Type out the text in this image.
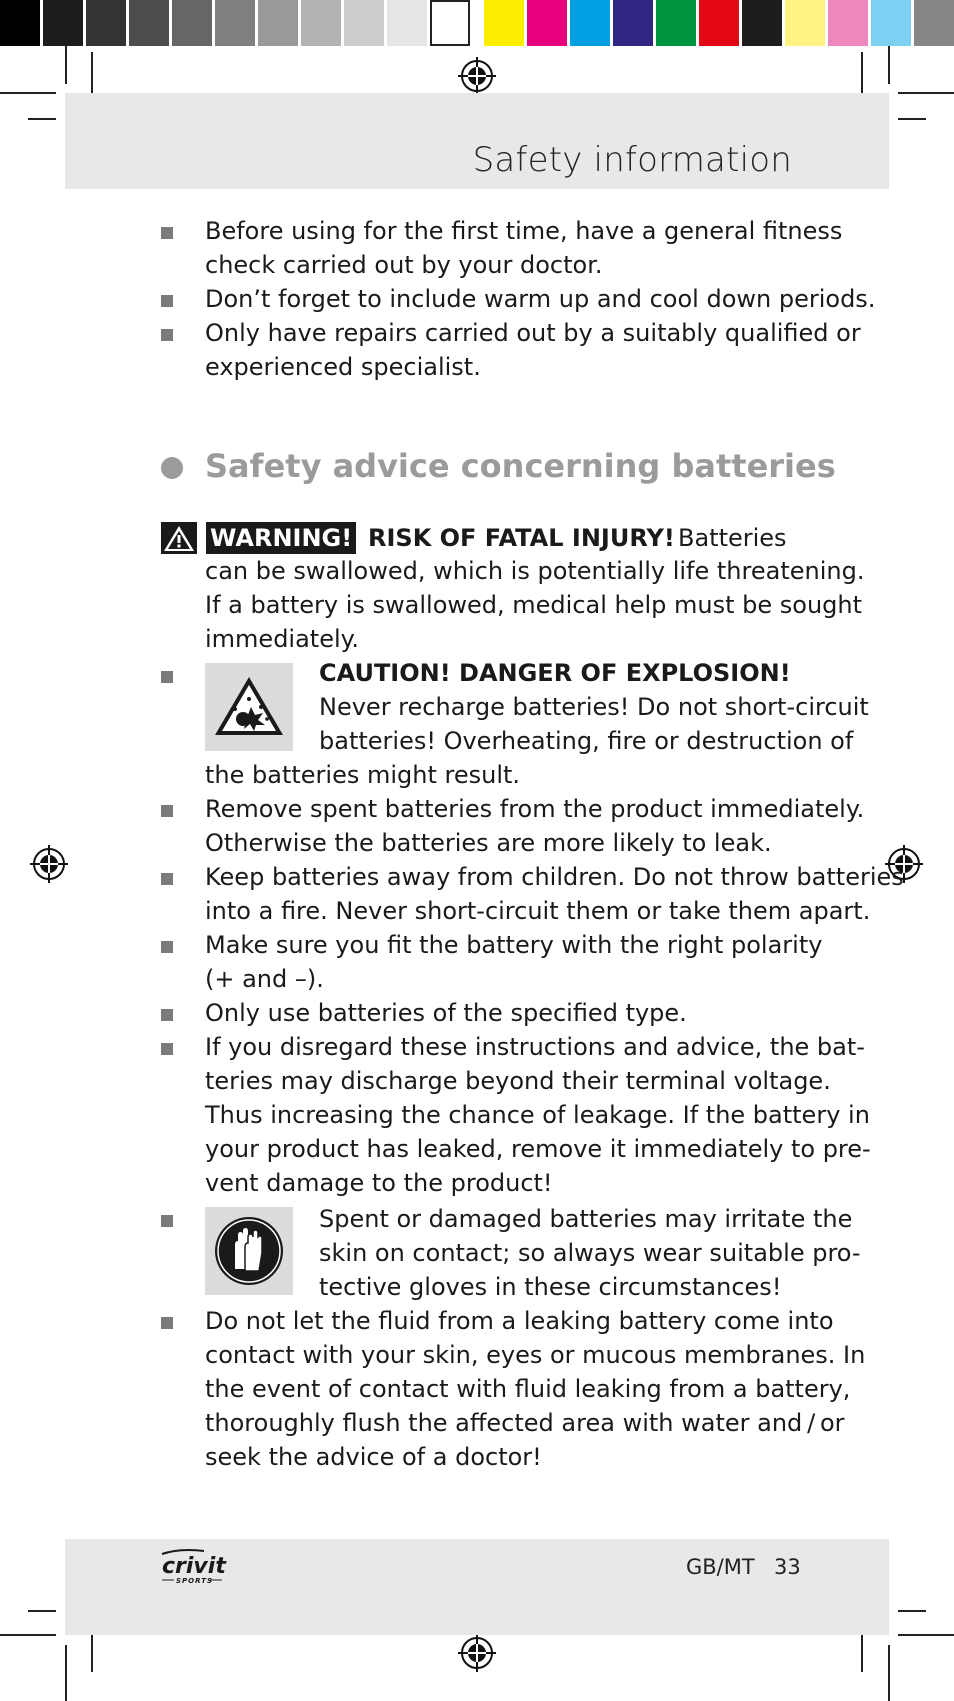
Safety information
Before using for the first time, have a general fitness
check carried out by your doctor.
Don’t forget to include warm up and cool down periods.
Only have repairs carried out by a suitably qualified or
experienced specialist.
Safety advice concerning batteries
WARNING! RISK OF FATAL INJURY! Batteries
can be swallowed, which is potentially life threatening.
If a battery is swallowed, medical help must be sought
immediately.
CAUTION! DANGER OF EXPLOSION!
Never recharge batteries! Do not short-circuit
batteries! Overheating, fire or destruction of
the batteries might result.
Remove spent batteries from the product immediately.
Otherwise the batteries are more likely to leak.
Keep batteries away from children. Do not throw batteries
into a fire. Never short-circuit them or take them apart.
Make sure you fit the battery with the right polarity
(+ and –).
Only use batteries of the specified type.
If you disregard these instructions and advice, the bat-
teries may discharge beyond their terminal voltage.
Thus increasing the chance of leakage. If the battery in
your product has leaked, remove it immediately to pre-
vent damage to the product!
Spent or damaged batteries may irritate the
skin on contact; so always wear suitable pro-
tective gloves in these circumstances!
Do not let the fluid from a leaking battery come into
contact with your skin, eyes or mucous membranes. In
the event of contact with fluid leaking from a battery,
thoroughly flush the affected area with water and / or
seek the advice of a doctor!
crivit
SPORTS
GB/MT 33
